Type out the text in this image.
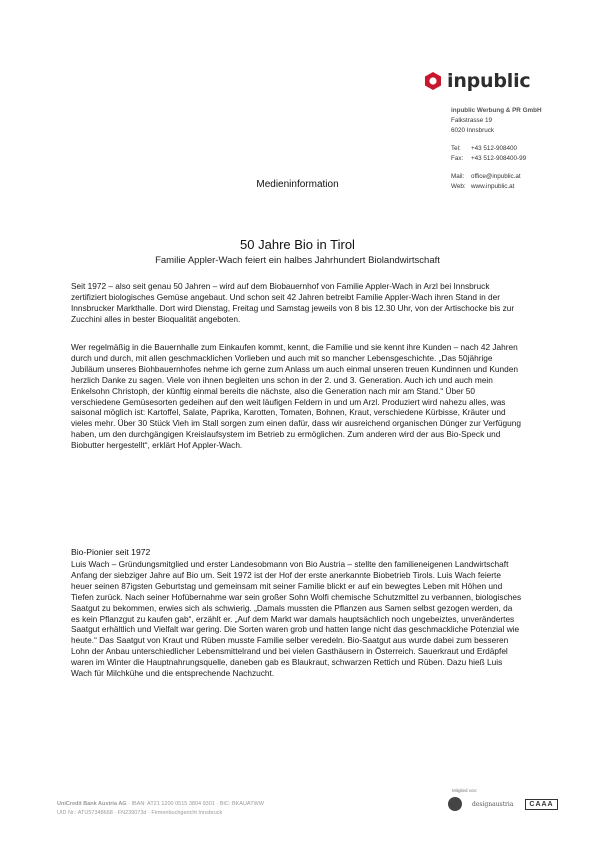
inpublic
inpublic Werbung & PR GmbH
Falkstrasse 19
6020 Innsbruck
Tel:	+43 512-908400
Fax:	+43 512-908400-99
Mail:	office@inpublic.at
Web: www.inpublic.at
Medieninformation
50 Jahre Bio in Tirol
Familie Appler-Wach feiert ein halbes Jahrhundert Biolandwirtschaft

Seit 1972 – also seit genau 50 Jahren – wird auf dem Biobauernhof von Familie Appler-Wach in Arzl bei Innsbruck zertifiziert biologisches Gemüse angebaut. Und schon seit 42 Jahren betreibt Familie Appler-Wach ihren Stand in der Innsbrucker Markthalle. Dort wird Dienstag, Freitag und Samstag jeweils von 8 bis 12.30 Uhr, von der Artischocke bis zur Zucchini alles in bester Bioqualität angeboten.

Wer regelmäßig in die Bauernhalle zum Einkaufen kommt, kennt, die Familie und sie kennt ihre Kunden – nach 42 Jahren durch und durch, mit allen geschmacklichen Vorlieben und auch mit so mancher Lebensgeschichte. „Das 50jährige Jubiläum unseres Biohbauernhofes nehme ich gerne zum Anlass um auch einmal unseren treuen Kundinnen und Kunden herzlich Danke zu sagen. Viele von ihnen begleiten uns schon in der 2. und 3. Generation. Auch ich und auch mein Enkelsohn Christoph, der künftig einmal bereits die nächste, also die Generation nach mir am Stand.“ Über 50 verschiedene Gemüsesorten gedeihen auf den weit läufigen Feldern in und um Arzl. Produziert wird nahezu alles, was saisonal möglich ist: Kartoffel, Salate, Paprika, Karotten, Tomaten, Bohnen, Kraut, verschiedene Kürbisse, Kräuter und vieles mehr. Über 30 Stück Vieh im Stall sorgen zum einen dafür, dass wir ausreichend organischen Dünger zur Verfügung haben, um den durchgängigen Kreislaufsystem im Betrieb zu ermöglichen. Zum anderen wird der aus Bio-Speck und Biobutter hergestellt“, erklärt Hof Appler-Wach.

Bio-Pionier seit 1972

Luis Wach – Gründungsmitglied und erster Landesobmann von Bio Austria – stellte den familieneigenen Landwirtschaft Anfang der siebziger Jahre auf Bio um. Seit 1972 ist der Hof der erste anerkannte Biobetrieb Tirols. Luis Wach feierte heuer seinen 87igsten Geburtstag und gemeinsam mit seiner Familie blickt er auf ein bewegtes Leben mit Höhen und Tiefen zurück. Nach seiner Hofübernahme war sein großer Sohn Wolfi chemische Schutzmittel zu verbannen, biologisches Saatgut zu bekommen, erwies sich als schwierig. „Damals mussten die Pflanzen aus Samen selbst gezogen werden, da es kein Pflanzgut zu kaufen gab“, erzählt er. „Auf dem Markt war damals hauptsächlich noch ungebeiztes, unverändertes Saatgut erhältlich und Vielfalt war gering. Die Sorten waren grob und hatten lange nicht das geschmackliche Potenzial wie heute.“ Das Saatgut von Kraut und Rüben musste Familie selber veredeln. Bio-Saatgut aus wurde dabei zum besseren Lohn der Anbau unterschiedlicher Lebensmittelrand und bei vielen Gasthäusern in Österreich. Sauerkraut und Erdäpfel waren im Winter die Hauptnahrungsquelle, daneben gab es Blaukraut, schwarzen Rettich und Rüben. Dazu hieß Luis Wach für Milchkühe und die entsprechende Nachzucht.

UniCredit Bank Austria AG · IBAN: AT21 1200 0515 3804 9301 · BIC: BKAUATWW
UID Nr.: ATU57348668 · FN239073d · Firmenbuchgericht Innsbruck
Mitglied von:
designaustria	CAAA
